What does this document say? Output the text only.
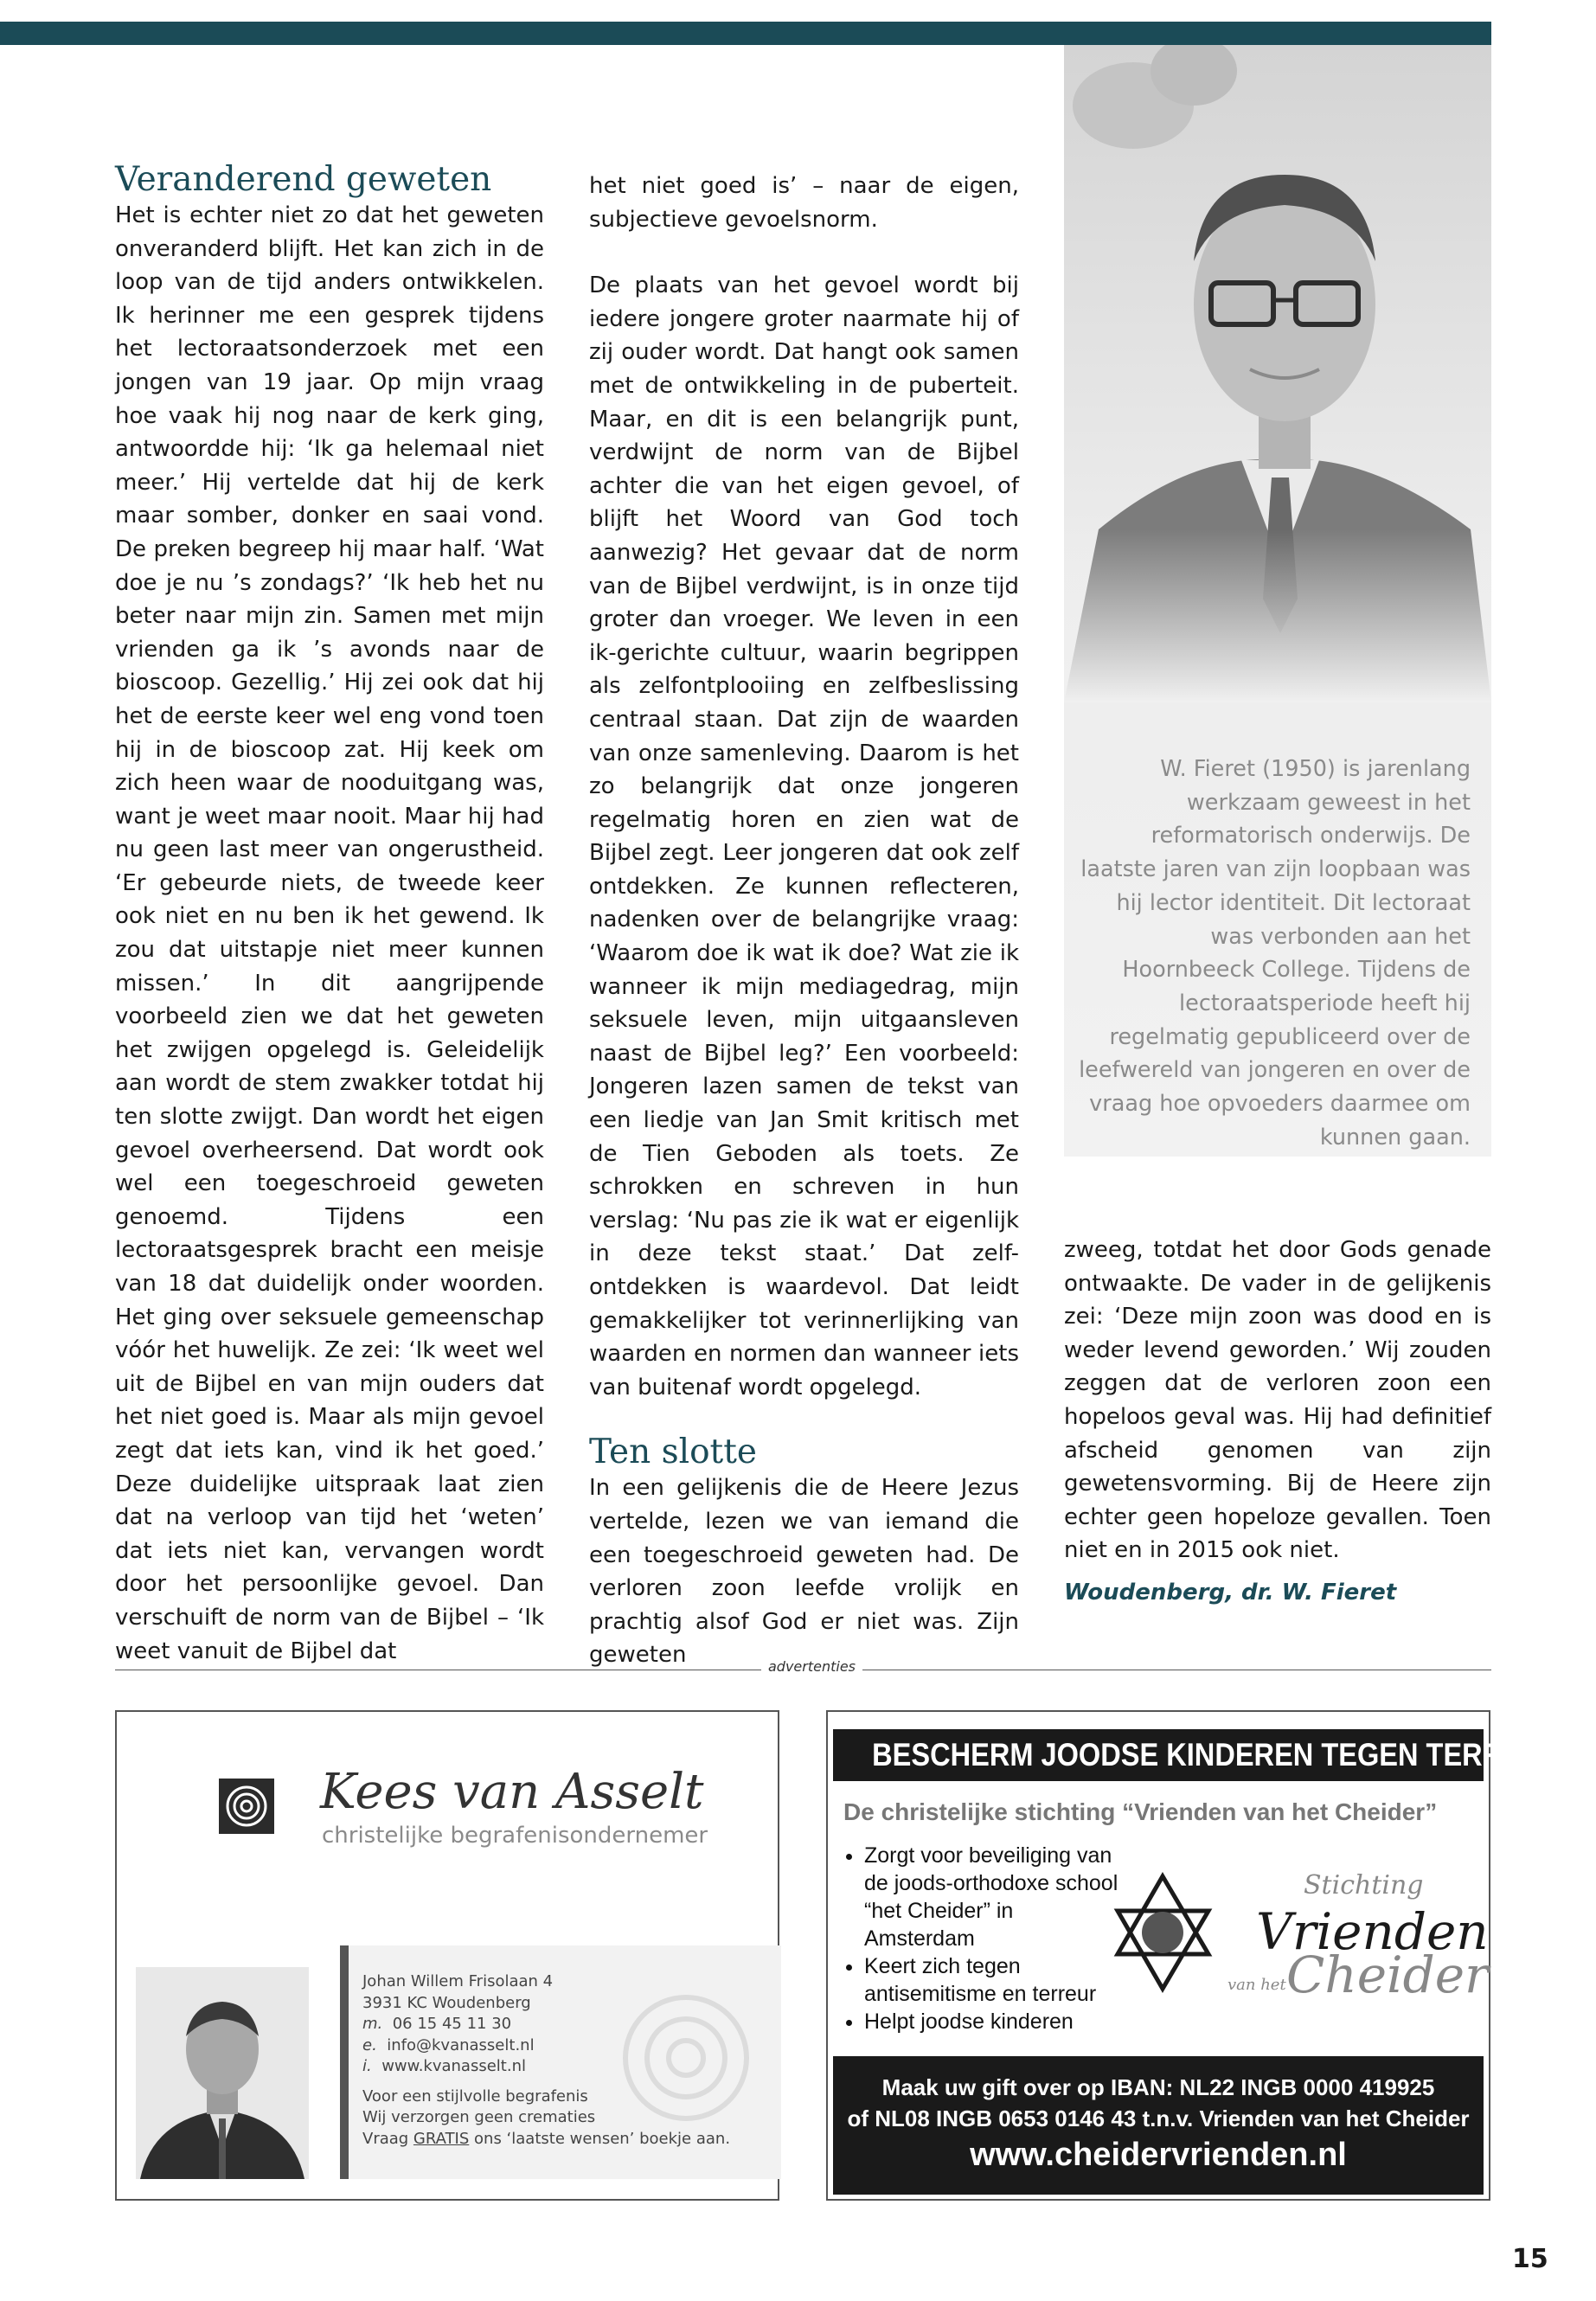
Veranderend geweten

Het is echter niet zo dat het geweten onveranderd blijft. Het kan zich in de loop van de tijd anders ontwikkelen. Ik herinner me een gesprek tijdens het lectoraatsonderzoek met een jongen van 19 jaar. Op mijn vraag hoe vaak hij nog naar de kerk ging, antwoordde hij: ‘Ik ga helemaal niet meer.’ Hij vertelde dat hij de kerk maar somber, donker en saai vond. De preken begreep hij maar half. ‘Wat doe je nu ’s zondags?’ ‘Ik heb het nu beter naar mijn zin. Samen met mijn vrienden ga ik ’s avonds naar de bioscoop. Gezellig.’ Hij zei ook dat hij het de eerste keer wel eng vond toen hij in de bioscoop zat. Hij keek om zich heen waar de nooduitgang was, want je weet maar nooit. Maar hij had nu geen last meer van ongerustheid. ‘Er gebeurde niets, de tweede keer ook niet en nu ben ik het gewend. Ik zou dat uitstapje niet meer kunnen missen.’ In dit aangrijpende voorbeeld zien we dat het geweten het zwijgen opgelegd is. Geleidelijk aan wordt de stem zwakker totdat hij ten slotte zwijgt. Dan wordt het eigen gevoel overheersend. Dat wordt ook wel een toegeschroeid geweten genoemd. Tijdens een lectoraatsgesprek bracht een meisje van 18 dat duidelijk onder woorden. Het ging over seksuele gemeenschap vóór het huwelijk. Ze zei: ‘Ik weet wel uit de Bijbel en van mijn ouders dat het niet goed is. Maar als mijn gevoel zegt dat iets kan, vind ik het goed.’ Deze duidelijke uitspraak laat zien dat na verloop van tijd het ‘weten’ dat iets niet kan, vervangen wordt door het persoonlijke gevoel. Dan verschuift de norm van de Bijbel – ‘Ik weet vanuit de Bijbel dat

het niet goed is’ – naar de eigen, subjectieve gevoelsnorm.

De plaats van het gevoel wordt bij iedere jongere groter naarmate hij of zij ouder wordt. Dat hangt ook samen met de ontwikkeling in de puberteit. Maar, en dit is een belangrijk punt, verdwijnt de norm van de Bijbel achter die van het eigen gevoel, of blijft het Woord van God toch aanwezig? Het gevaar dat de norm van de Bijbel verdwijnt, is in onze tijd groter dan vroeger. We leven in een ik-gerichte cultuur, waarin begrippen als zelfontplooiing en zelfbeslissing centraal staan. Dat zijn de waarden van onze samenleving. Daarom is het zo belangrijk dat onze jongeren regelmatig horen en zien wat de Bijbel zegt. Leer jongeren dat ook zelf ontdekken. Ze kunnen reflecteren, nadenken over de belangrijke vraag: ‘Waarom doe ik wat ik doe? Wat zie ik wanneer ik mijn mediagedrag, mijn seksuele leven, mijn uitgaansleven naast de Bijbel leg?’ Een voorbeeld: Jongeren lazen samen de tekst van een liedje van Jan Smit kritisch met de Tien Geboden als toets. Ze schrokken en schreven in hun verslag: ‘Nu pas zie ik wat er eigenlijk in deze tekst staat.’ Dat zelf-ontdekken is waardevol. Dat leidt gemakkelijker tot verinnerlijking van waarden en normen dan wanneer iets van buitenaf wordt opgelegd.

Ten slotte

In een gelijkenis die de Heere Jezus vertelde, lezen we van iemand die een toegeschroeid geweten had. De verloren zoon leefde vrolijk en prachtig alsof God er niet was. Zijn geweten

W. Fieret (1950) is jarenlang werkzaam geweest in het reformatorisch onderwijs. De laatste jaren van zijn loopbaan was hij lector identiteit. Dit lectoraat was verbonden aan het Hoornbeeck College. Tijdens de lectoraatsperiode heeft hij regelmatig gepubliceerd over de leefwereld van jongeren en over de vraag hoe opvoeders daarmee om kunnen gaan.

zweeg, totdat het door Gods genade ontwaakte. De vader in de gelijkenis zei: ‘Deze mijn zoon was dood en is weder levend geworden.’ Wij zouden zeggen dat de verloren zoon een hopeloos geval was. Hij had definitief afscheid genomen van zijn gewetensvorming. Bij de Heere zijn echter geen hopeloze gevallen. Toen niet en in 2015 ook niet.

Woudenberg, dr. W. Fieret
advertenties
Kees van Asselt
christelijke begrafenisondernemer
Johan Willem Frisolaan 4
3931 KC Woudenberg
m. 06 15 45 11 30
e. info@kvanasselt.nl
i. www.kvanasselt.nl
Voor een stijlvolle begrafenis
Wij verzorgen geen crematies
Vraag GRATIS ons ‘laatste wensen’ boekje aan.
BESCHERM JOODSE KINDEREN TEGEN TERREUR!
De christelijke stichting “Vrienden van het Cheider”
• Zorgt voor beveiliging van de joods-orthodoxe school “het Cheider” in Amsterdam
• Keert zich tegen antisemitisme en terreur
• Helpt joodse kinderen
Stichting
Vrienden
van het Cheider
Maak uw gift over op IBAN: NL22 INGB 0000 419925
of NL08 INGB 0653 0146 43 t.n.v. Vrienden van het Cheider
www.cheidervrienden.nl
15
